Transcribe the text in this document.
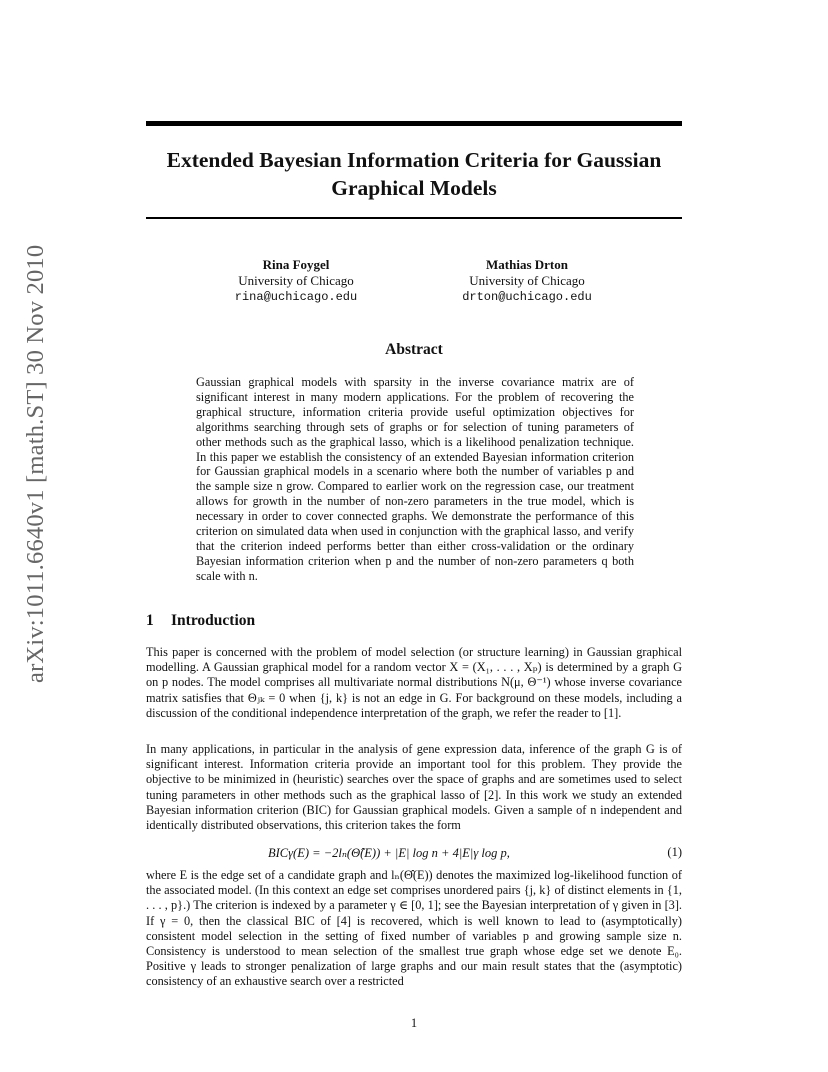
arXiv:1011.6640v1 [math.ST] 30 Nov 2010
Extended Bayesian Information Criteria for Gaussian Graphical Models
Rina Foygel
University of Chicago
rina@uchicago.edu
Mathias Drton
University of Chicago
drton@uchicago.edu
Abstract
Gaussian graphical models with sparsity in the inverse covariance matrix are of significant interest in many modern applications. For the problem of recovering the graphical structure, information criteria provide useful optimization objectives for algorithms searching through sets of graphs or for selection of tuning parameters of other methods such as the graphical lasso, which is a likelihood penalization technique. In this paper we establish the consistency of an extended Bayesian information criterion for Gaussian graphical models in a scenario where both the number of variables p and the sample size n grow. Compared to earlier work on the regression case, our treatment allows for growth in the number of non-zero parameters in the true model, which is necessary in order to cover connected graphs. We demonstrate the performance of this criterion on simulated data when used in conjunction with the graphical lasso, and verify that the criterion indeed performs better than either cross-validation or the ordinary Bayesian information criterion when p and the number of non-zero parameters q both scale with n.
1 Introduction

This paper is concerned with the problem of model selection (or structure learning) in Gaussian graphical modelling. A Gaussian graphical model for a random vector X = (X₁, . . . , Xₚ) is determined by a graph G on p nodes. The model comprises all multivariate normal distributions N(μ, Θ⁻¹) whose inverse covariance matrix satisfies that Θⱼₖ = 0 when {j, k} is not an edge in G. For background on these models, including a discussion of the conditional independence interpretation of the graph, we refer the reader to [1].

In many applications, in particular in the analysis of gene expression data, inference of the graph G is of significant interest. Information criteria provide an important tool for this problem. They provide the objective to be minimized in (heuristic) searches over the space of graphs and are sometimes used to select tuning parameters in other methods such as the graphical lasso of [2]. In this work we study an extended Bayesian information criterion (BIC) for Gaussian graphical models. Given a sample of n independent and identically distributed observations, this criterion takes the form

BICγ(E) = −2lₙ(Θ̂(E)) + |E| log n + 4|E|γ log p,	(1)

where E is the edge set of a candidate graph and lₙ(Θ̂(E)) denotes the maximized log-likelihood function of the associated model. (In this context an edge set comprises unordered pairs {j, k} of distinct elements in {1, . . . , p}.) The criterion is indexed by a parameter γ ∈ [0, 1]; see the Bayesian interpretation of γ given in [3]. If γ = 0, then the classical BIC of [4] is recovered, which is well known to lead to (asymptotically) consistent model selection in the setting of fixed number of variables p and growing sample size n. Consistency is understood to mean selection of the smallest true graph whose edge set we denote E₀. Positive γ leads to stronger penalization of large graphs and our main result states that the (asymptotic) consistency of an exhaustive search over a restricted

1
